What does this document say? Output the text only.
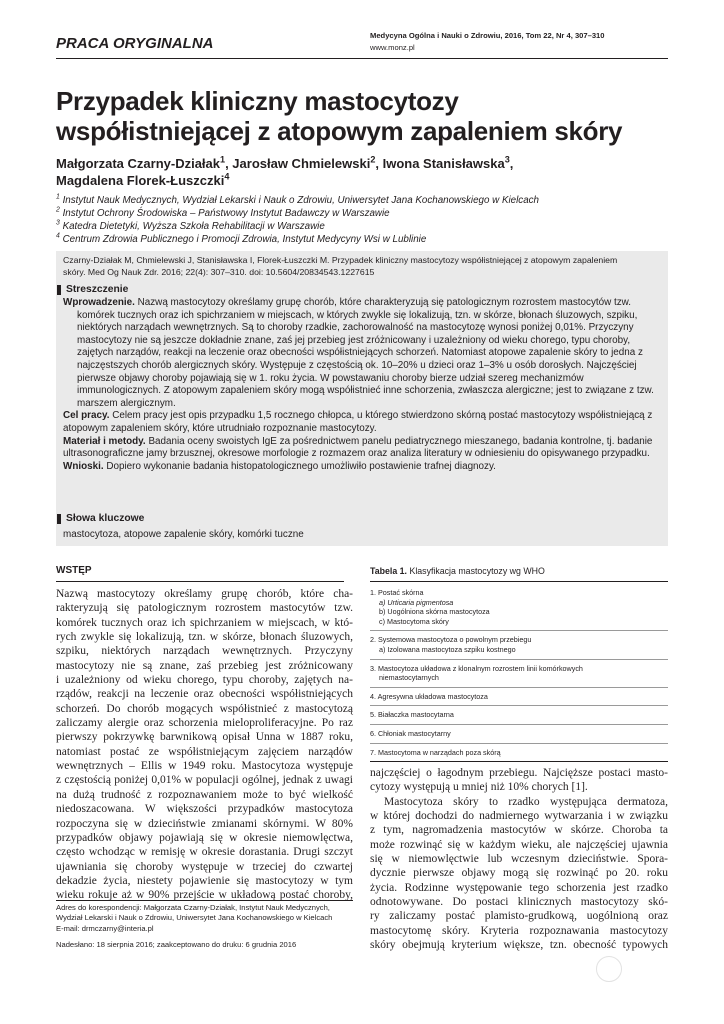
PRACA ORYGINALNA	Medycyna Ogólna i Nauki o Zdrowiu, 2016, Tom 22, Nr 4, 307–310
www.monz.pl
Przypadek kliniczny mastocytozy
współistniejącej z atopowym zapaleniem skóry
Małgorzata Czarny-Działak$^1$, Jarosław Chmielewski$^2$, Iwona Stanisławska$^3$,
Magdalena Florek-Łuszczki$^4$
$^1$ Instytut Nauk Medycznych, Wydział Lekarski i Nauk o Zdrowiu, Uniwersytet Jana Kochanowskiego w Kielcach
$^2$ Instytut Ochrony Środowiska – Państwowy Instytut Badawczy w Warszawie
$^3$ Katedra Dietetyki, Wyższa Szkoła Rehabilitacji w Warszawie
$^4$ Centrum Zdrowia Publicznego i Promocji Zdrowia, Instytut Medycyny Wsi w Lublinie
Czarny-Działak M, Chmielewski J, Stanisławska I, Florek-Łuszczki M. Przypadek kliniczny mastocytozy współistniejącej z atopowym zapaleniem
skóry. Med Og Nauk Zdr. 2016; 22(4): 307–310. doi: 10.5604/20834543.1227615
Streszczenie

Wprowadzenie. Nazwą mastocytozy określamy grupę chorób, które charakteryzują się patologicznym rozrostem mastocytów tzw. komórek tucznych oraz ich spichrzaniem w miejscach, w których zwykle się lokalizują, tzn. w skórze, błonach śluzowych, szpiku, niektórych narządach wewnętrznych. Są to choroby rzadkie, zachorowalność na mastocytozę wynosi poniżej 0,01%. Przyczyny mastocytozy nie są jeszcze dokładnie znane, zaś jej przebieg jest zróżnicowany i uzależniony od wieku chorego, typu choroby, zajętych narządów, reakcji na leczenie oraz obecności współistniejących schorzeń. Natomiast atopowe zapalenie skóry to jedna z najczęstszych chorób alergicznych skóry. Występuje z częstością ok. 10–20% u dzieci oraz 1–3% u osób dorosłych. Najczęściej pierwsze objawy choroby pojawiają się w 1. roku życia. W powstawaniu choroby bierze udział szereg mechanizmów immunologicznych. Z atopowym zapaleniem skóry mogą współistnieć inne schorzenia, zwłaszcza alergiczne; jest to związane z tzw. marszem alergicznym.

Cel pracy. Celem pracy jest opis przypadku 1,5 rocznego chłopca, u którego stwierdzono skórną postać mastocytozy współistniejącą z atopowym zapaleniem skóry, które utrudniało rozpoznanie mastocytozy.

Materiał i metody. Badania oceny swoistych IgE za pośrednictwem panelu pediatrycznego mieszanego, badania kontrolne, tj. badanie ultrasonograficzne jamy brzusznej, okresowe morfologie z rozmazem oraz analiza literatury w odniesieniu do opisywanego przypadku.

Wnioski. Dopiero wykonanie badania histopatologicznego umożliwiło postawienie trafnej diagnozy.

Słowa kluczowe
mastocytoza, atopowe zapalenie skóry, komórki tuczne
WSTĘP
Nazwą mastocytozy określamy grupę chorób, które cha-
rakteryzują się patologicznym rozrostem mastocytów tzw.
komórek tucznych oraz ich spichrzaniem w miejscach, w któ-
rych zwykle się lokalizują, tzn. w skórze, błonach śluzowych,
szpiku, niektórych narządach wewnętrznych. Przyczyny
mastocytozy nie są znane, zaś przebieg jest zróżnicowany
i uzależniony od wieku chorego, typu choroby, zajętych na-
rządów, reakcji na leczenie oraz obecności współistniejących
schorzeń. Do chorób mogących współistnieć z mastocytozą
zaliczamy alergie oraz schorzenia mieloproliferacyjne. Po raz
pierwszy pokrzywkę barwnikową opisał Unna w 1887 roku,
natomiast postać ze współistniejącym zajęciem narządów
wewnętrznych – Ellis w 1949 roku. Mastocytoza występuje
z częstością poniżej 0,01% w populacji ogólnej, jednak z uwagi
na dużą trudność z rozpoznawaniem może to być wielkość
niedoszacowana. W większości przypadków mastocytoza
rozpoczyna się w dzieciństwie zmianami skórnymi. W 80%
przypadków objawy pojawiają się w okresie niemowlęctwa,
często wchodząc w remisję w okresie dorastania. Drugi szczyt
ujawniania się choroby występuje w trzeciej do czwartej
dekadzie życia, niestety pojawienie się mastocytozy w tym
wieku rokuje aż w 90% przejście w układową postać choroby,
Adres do korespondencji: Małgorzata Czarny-Działak, Instytut Nauk Medycznych,
Wydział Lekarski i Nauk o Zdrowiu, Uniwersytet Jana Kochanowskiego w Kielcach
E-mail: drmczarny@interia.pl
Nadesłano: 18 sierpnia 2016; zaakceptowano do druku: 6 grudnia 2016
Tabela 1. Klasyfikacja mastocytozy wg WHO
1. Postać skórna
a) Urticaria pigmentosa
b) Uogólniona skórna mastocytoza
c) Mastocytoma skóry
2. Systemowa mastocytoza o powolnym przebiegu
a) Izolowana mastocytoza szpiku kostnego
3. Mastocytoza układowa z klonalnym rozrostem linii komórkowych
niemastocytarnych
4. Agresywna układowa mastocytoza
5. Białaczka mastocytarna
6. Chłoniak mastocytarny
7. Mastocytoma w narządach poza skórą
najczęściej o łagodnym przebiegu. Najcięższe postaci masto-
cytozy występują u mniej niż 10% chorych [1].
Mastocytoza skóry to rzadko występująca dermatoza,
w której dochodzi do nadmiernego wytwarzania i w związku
z tym, nagromadzenia mastocytów w skórze. Choroba ta
może rozwinąć się w każdym wieku, ale najczęściej ujawnia
się w niemowlęctwie lub wczesnym dzieciństwie. Spora-
dycznie pierwsze objawy mogą się rozwinąć po 20. roku
życia. Rodzinne występowanie tego schorzenia jest rzadko
odnotowywane. Do postaci klinicznych mastocytozy skó-
ry zaliczamy postać plamisto-grudkową, uogólnioną oraz
mastocytomę skóry. Kryteria rozpoznawania mastocytozy
skóry obejmują kryterium większe, tzn. obecność typowych
